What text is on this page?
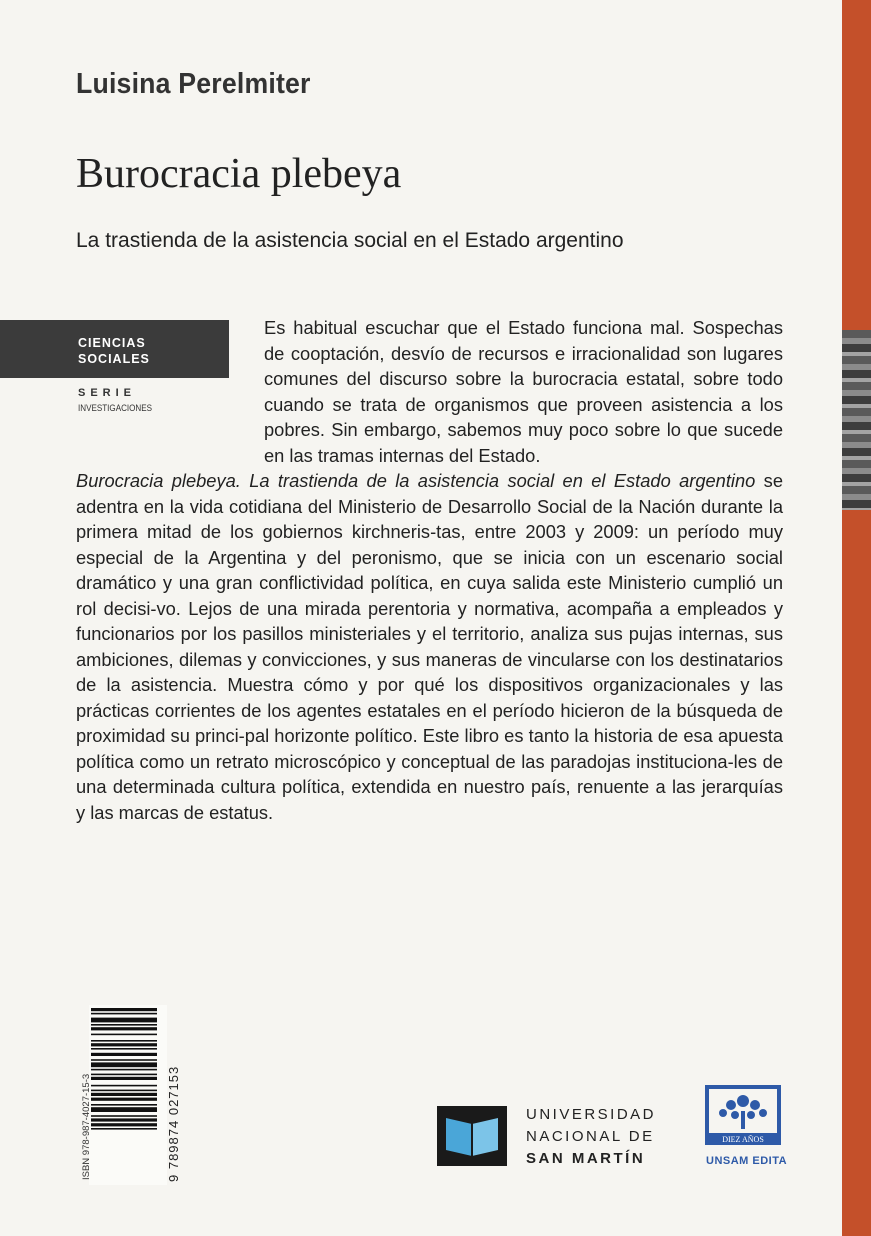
Luisina Perelmiter
Burocracia plebeya
La trastienda de la asistencia social en el Estado argentino
CIENCIAS
SOCIALES
SERIE
INVESTIGACIONES

Es habitual escuchar que el Estado funciona mal. Sospechas de cooptación, desvío de recursos e irracionalidad son lugares comunes del discurso sobre la burocracia estatal, sobre todo cuando se trata de organismos que proveen asistencia a los pobres. Sin embargo, sabemos muy poco sobre lo que sucede en las tramas internas del Estado.

Burocracia plebeya. La trastienda de la asistencia social en el Estado argentino se adentra en la vida cotidiana del Ministerio de Desarrollo Social de la Nación durante la primera mitad de los gobiernos kirchneris-tas, entre 2003 y 2009: un período muy especial de la Argentina y del peronismo, que se inicia con un escenario social dramático y una gran conflictividad política, en cuya salida este Ministerio cumplió un rol decisi-vo. Lejos de una mirada perentoria y normativa, acompaña a empleados y funcionarios por los pasillos ministeriales y el territorio, analiza sus pujas internas, sus ambiciones, dilemas y convicciones, y sus maneras de vincularse con los destinatarios de la asistencia. Muestra cómo y por qué los dispositivos organizacionales y las prácticas corrientes de los agentes estatales en el período hicieron de la búsqueda de proximidad su princi-pal horizonte político. Este libro es tanto la historia de esa apuesta política como un retrato microscópico y conceptual de las paradojas instituciona-les de una determinada cultura política, extendida en nuestro país, renuente a las jerarquías y las marcas de estatus.

ISBN 978-987-4027-15-3	9 789874 027153	UNIVERSIDAD
NACIONAL DE
SAN MARTÍN
DIEZ AÑOS
UNSAM EDITA
